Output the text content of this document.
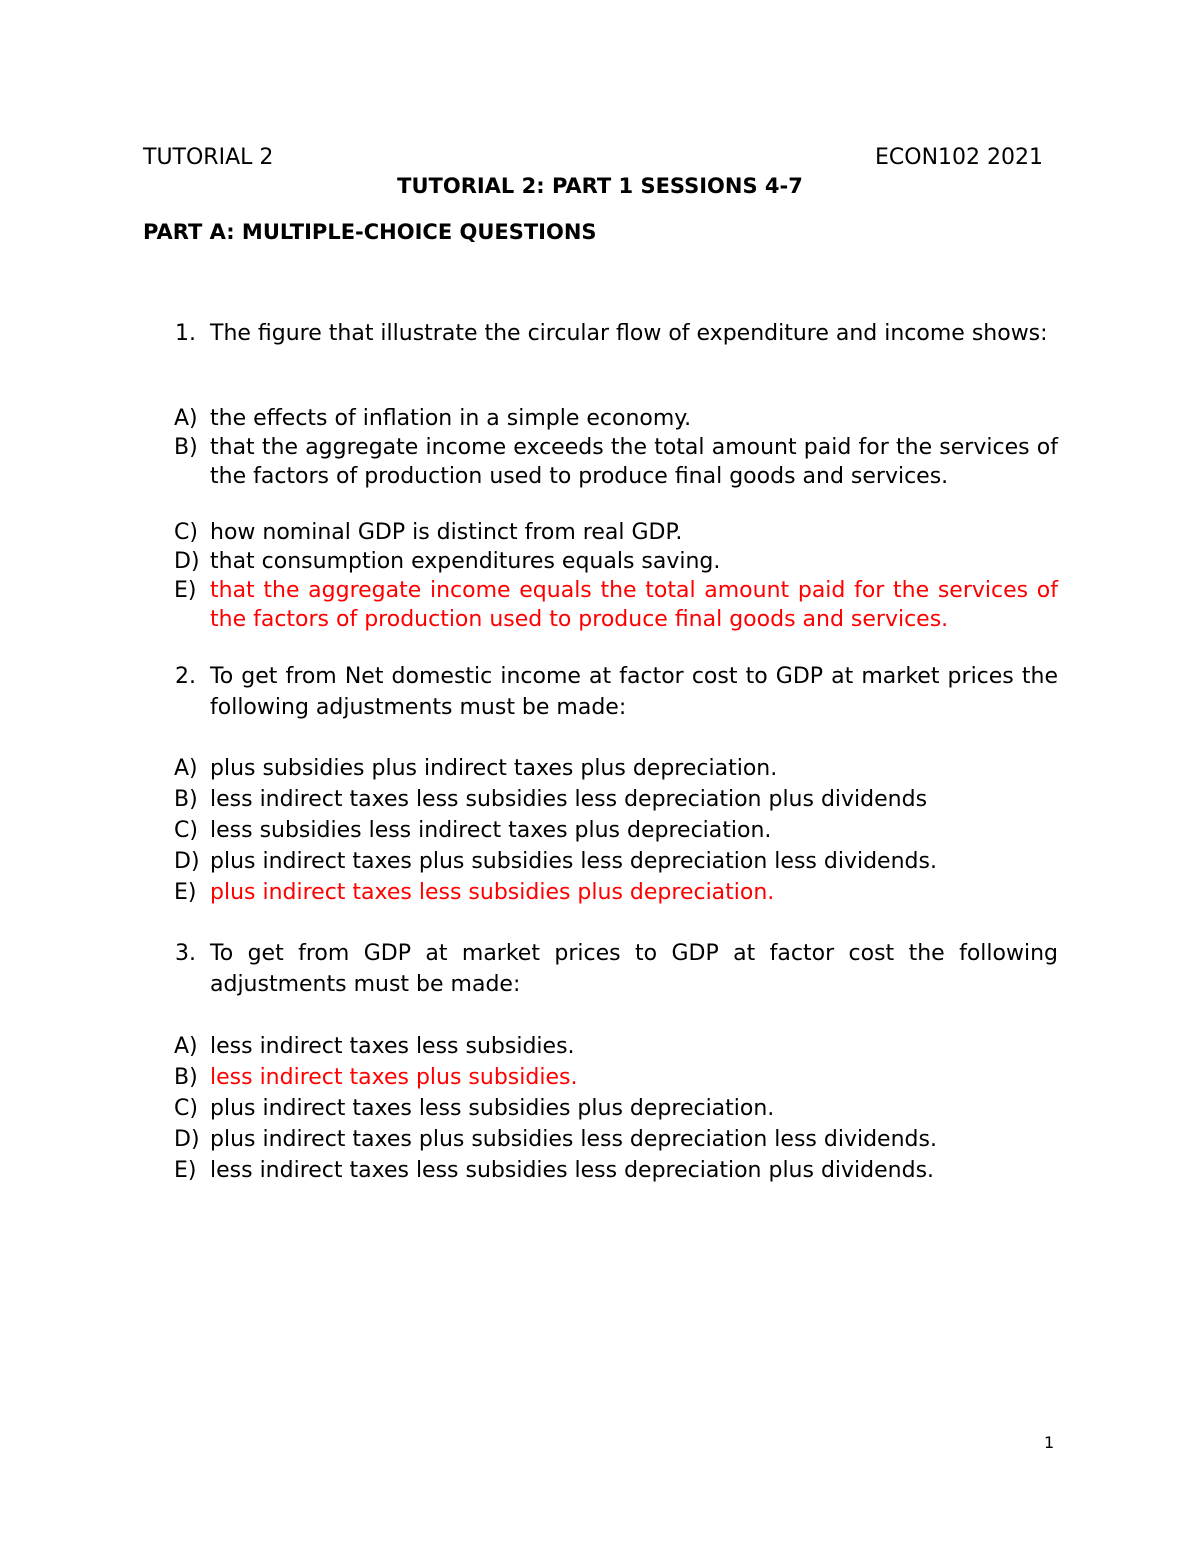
TUTORIAL 2	ECON102 2021
TUTORIAL 2: PART 1 SESSIONS 4-7
PART A: MULTIPLE-CHOICE QUESTIONS
1. The figure that illustrate the circular flow of expenditure and income shows:
A) the effects of inflation in a simple economy.
B) that the aggregate income exceeds the total amount paid for the services of the factors of production used to produce final goods and services.
C) how nominal GDP is distinct from real GDP.
D) that consumption expenditures equals saving.
E) that the aggregate income equals the total amount paid for the services of the factors of production used to produce final goods and services.
2. To get from Net domestic income at factor cost to GDP at market prices the following adjustments must be made:
A) plus subsidies plus indirect taxes plus depreciation.
B) less indirect taxes less subsidies less depreciation plus dividends
C) less subsidies less indirect taxes plus depreciation.
D) plus indirect taxes plus subsidies less depreciation less dividends.
E) plus indirect taxes less subsidies plus depreciation.
3. To get from GDP at market prices to GDP at factor cost the following adjustments must be made:
A) less indirect taxes less subsidies.
B) less indirect taxes plus subsidies.
C) plus indirect taxes less subsidies plus depreciation.
D) plus indirect taxes plus subsidies less depreciation less dividends.
E) less indirect taxes less subsidies less depreciation plus dividends.
1
